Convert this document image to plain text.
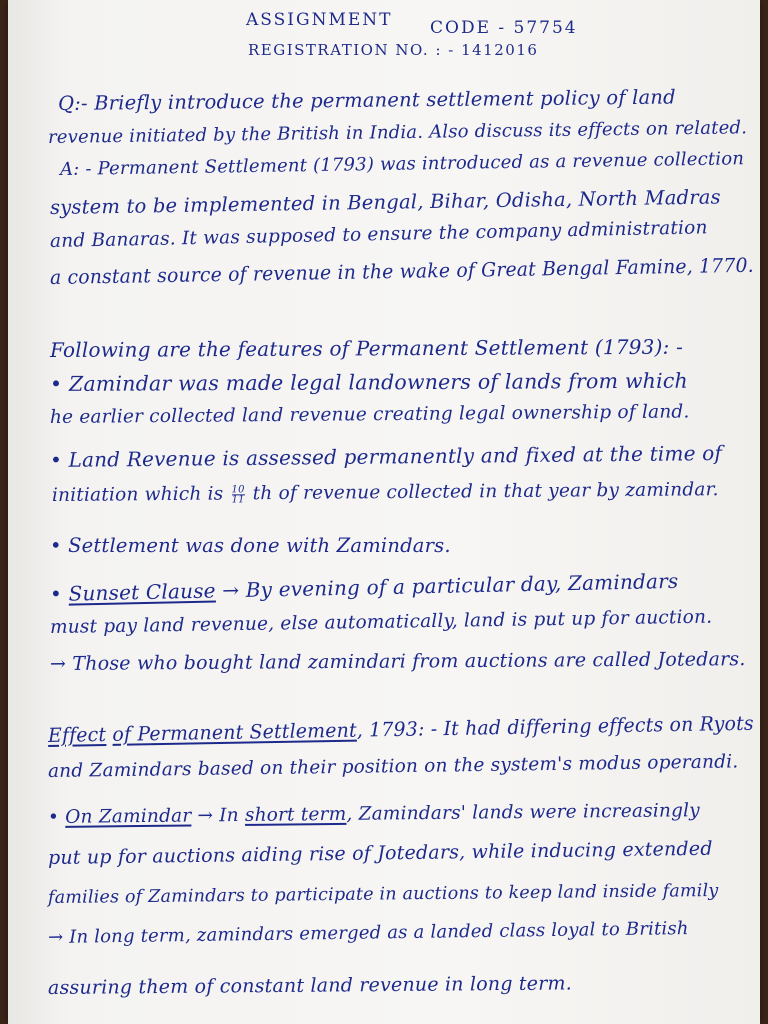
ASSIGNMENT CODE - 57754
REGISTRATION NO. : - 1412016
Q:- Briefly introduce the permanent settlement policy of land
revenue initiated by the British in India. Also discuss its effects on related.
A: - Permanent Settlement (1793) was introduced as a revenue collection
system to be implemented in Bengal, Bihar, Odisha, North Madras
and Banaras. It was supposed to ensure the company administration
a constant source of revenue in the wake of Great Bengal Famine, 1770.
Following are the features of Permanent Settlement (1793): -
• Zamindar was made legal landowners of lands from which
he earlier collected land revenue creating legal ownership of land.
• Land Revenue is assessed permanently and fixed at the time of
initiation which is $\frac{10}{11}$ th of revenue collected in that year by zamindar.
• Settlement was done with Zamindars.
• Sunset Clause → By evening of a particular day, Zamindars
must pay land revenue, else automatically, land is put up for auction.
→ Those who bought land zamindari from auctions are called Jotedars.
Effect of Permanent Settlement, 1793: - It had differing effects on Ryots
and Zamindars based on their position on the system's modus operandi.
• On Zamindar → In short term, Zamindars' lands were increasingly
put up for auctions aiding rise of Jotedars, while inducing extended
families of Zamindars to participate in auctions to keep land inside family
→ In long term, zamindars emerged as a landed class loyal to British
assuring them of constant land revenue in long term.
